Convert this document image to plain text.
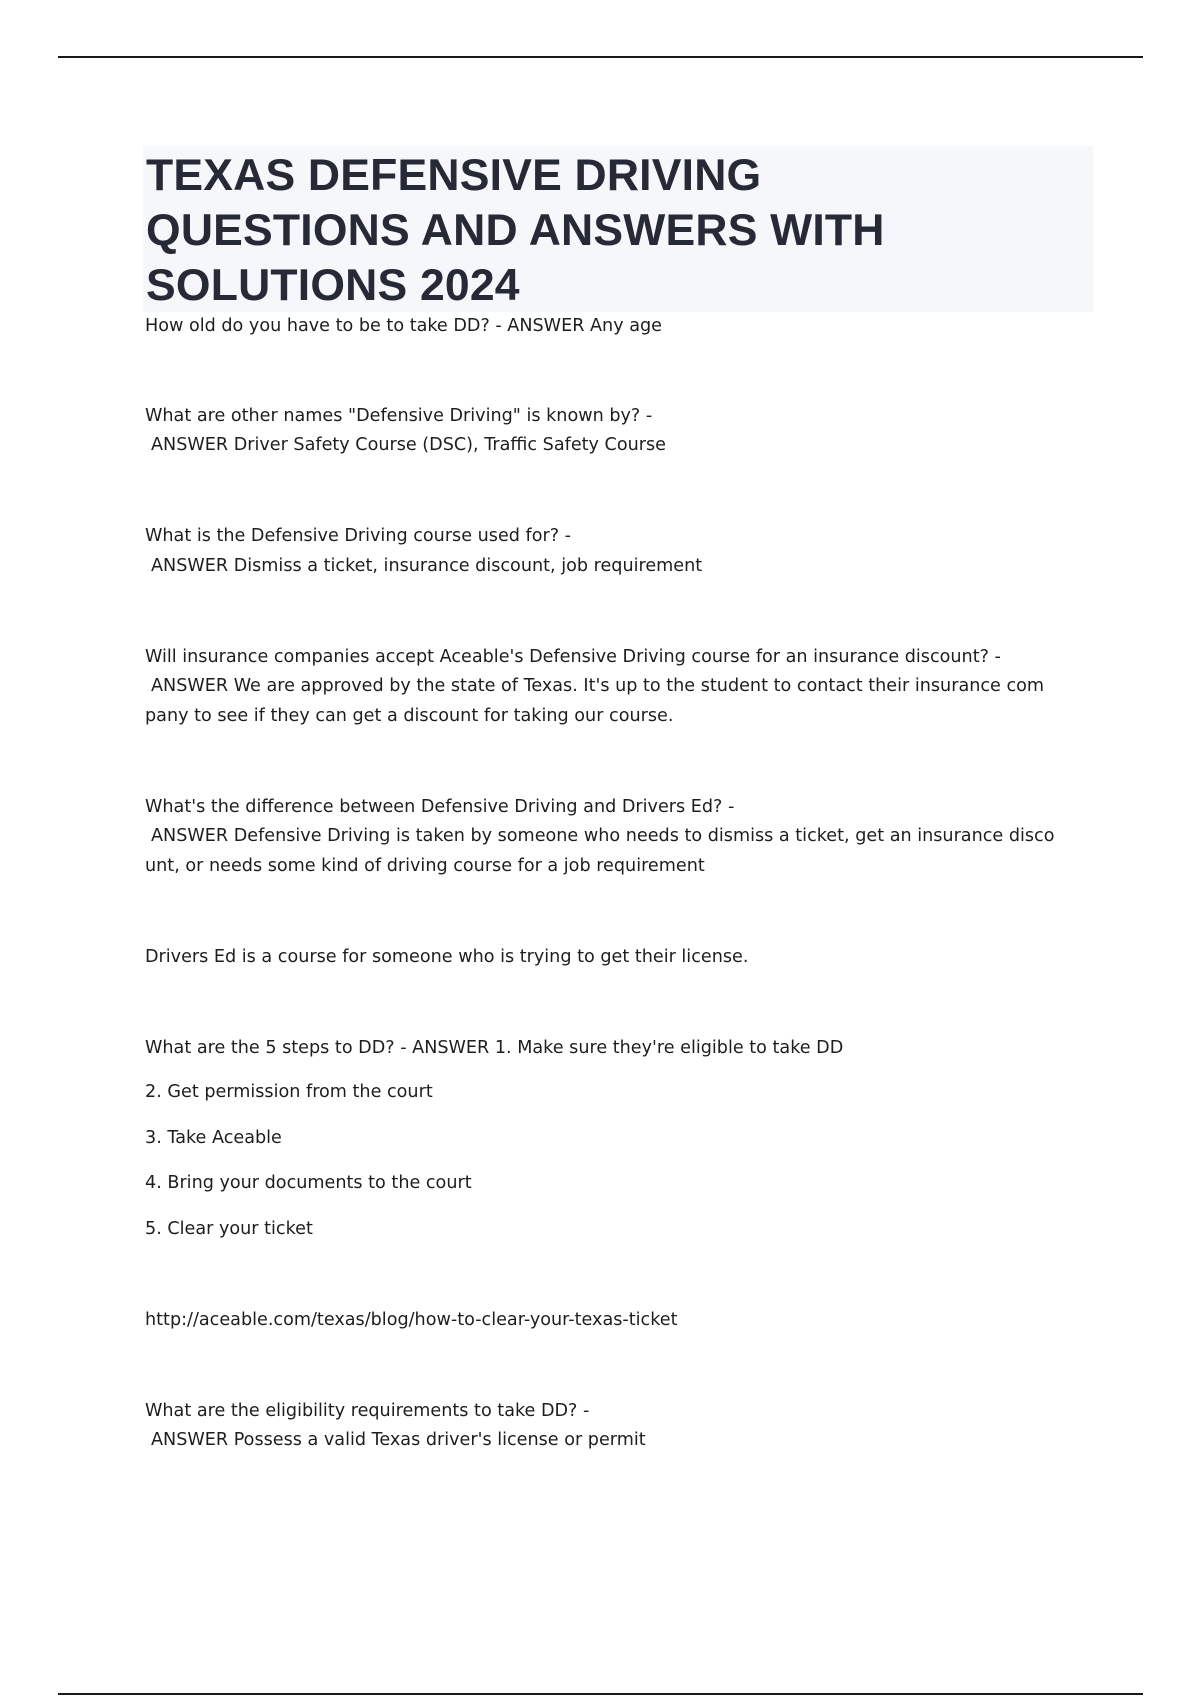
TEXAS DEFENSIVE DRIVING
QUESTIONS AND ANSWERS WITH
SOLUTIONS 2024
How old do you have to be to take DD? - ANSWER Any age
What are other names "Defensive Driving" is known by? -
ANSWER Driver Safety Course (DSC), Traffic Safety Course
What is the Defensive Driving course used for? -
ANSWER Dismiss a ticket, insurance discount, job requirement
Will insurance companies accept Aceable's Defensive Driving course for an insurance discount? -
ANSWER We are approved by the state of Texas. It's up to the student to contact their insurance com
pany to see if they can get a discount for taking our course.
What's the difference between Defensive Driving and Drivers Ed? -
ANSWER Defensive Driving is taken by someone who needs to dismiss a ticket, get an insurance disco
unt, or needs some kind of driving course for a job requirement
Drivers Ed is a course for someone who is trying to get their license.
What are the 5 steps to DD? - ANSWER 1. Make sure they're eligible to take DD
2. Get permission from the court
3. Take Aceable
4. Bring your documents to the court
5. Clear your ticket
http://aceable.com/texas/blog/how-to-clear-your-texas-ticket
What are the eligibility requirements to take DD? -
ANSWER Possess a valid Texas driver's license or permit
